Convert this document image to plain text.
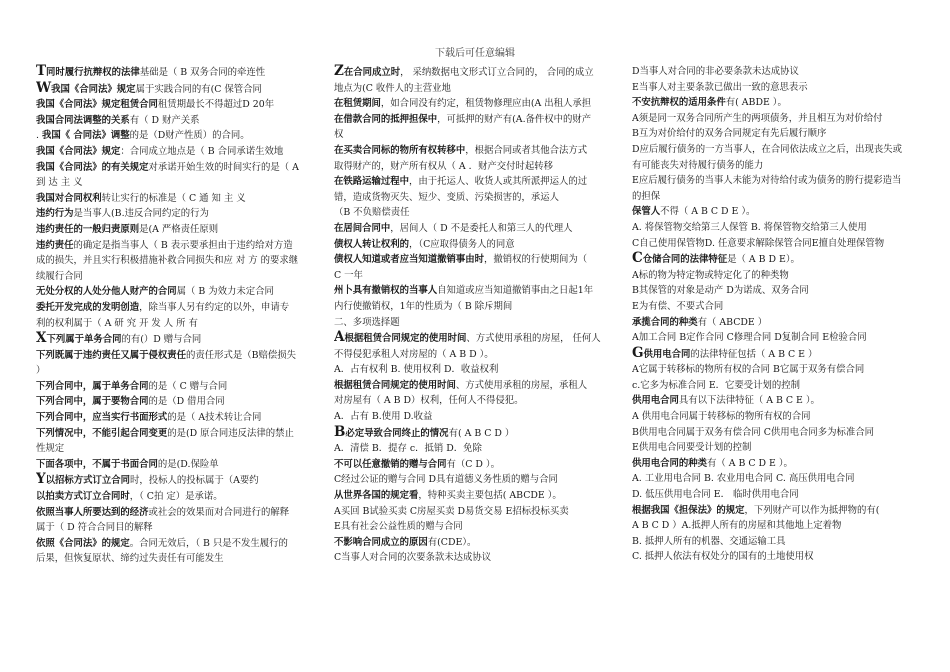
下载后可任意编辑

T同时履行抗辩权的法律基础是（ B 双务合同的牵连性

W我国《合同法》规定属于实践合同的有(C 保管合同

我国《合同法》规定租赁合同租赁期最长不得超过D 20年

我国合同法调整的关系有（ D 财产关系

. 我国《 合同法》调整的是（D财产性质）的合同。

我国《合同法》规定：合同成立地点是（ B 合同承诺生效地

我国《合同法》的有关规定对承诺开始生效的时间实行的是（ A

到 达 主 义

我国对合同权利转让实行的标准是（ C 通 知 主 义

违约行为是当事人(B.违反合同约定的行为

违约责任的一般归责原则是(A 严格责任原则

违约责任的确定是指当事人（ B 表示要承担由于违约给对方造

成的损失，并且实行积极措施补救合同损失和应 对 方 的要求继

续履行合同

无处分权的人处分他人财产的合同属（ B 为效力未定合同

委托开发完成的发明创造，除当事人另有约定的以外，申请专

利的权利属于（ A 研 究 开 发 人 所 有

X下列属于单务合同的有(）D 赠与合同

下列既属于违约责任又属于侵权责任的责任形式是（B赔偿损失

）

下列合同中，属于单务合同的是（ C 赠与合同

下列合同中，属于要物合同的是（D 借用合同

下列合同中，应当实行书面形式的是（ A技术转让合同

下列情况中，不能引起合同变更的是(D 原合同违反法律的禁止

性规定

下面各项中，不属于书面合同的是(D.保险单

Y以招标方式订立合同时，投标人的投标属于（A要约

以拍卖方式订立合同时，（ C拍 定）是承诺。

依照当事人所要达到的经济或社会的效果而对合同进行的解释

属于（ D 符合合同目的解释

依照《合同法》的规定。合同无效后，（ B 只是不发生履行的

后果，但恢复原状、缔约过失责任有可能发生

Z在合同成立时， 采纳数据电文形式订立合同的， 合同的成立

地点为(C 收件人的主营业地

在租赁期间，如合同没有约定，租赁物修理应由(A 出租人承担

在借款合同的抵押担保中，可抵押的财产有(A.备件权中的财产

权

在买卖合同标的物所有权转移中，根据合同或者其他合法方式

取得财产的，财产所有权从（ A ．财产交付时起转移

在铁路运输过程中，由于托运人、收货人或其所派押运人的过

错，造成货物灭失、短少、变质、污染损害的，承运人

（B 不负赔偿责任

在居间合同中，居间人（ D 不是委托人和第三人的代理人

债权人转让权利的，（C应取得债务人的同意

债权人知道或者应当知道撤销事由时，撤销权的行使期间为（

C 一年

州卜具有撤销权的当事人自知道或应当知道撤销事由之日起1年

内行使撤销权，1年的性质为（ B 除斥期间

二、多项选择题

A根据租赁合同规定的使用时间、方式使用承租的房屋， 任何人

不得侵犯承租人对房屋的（ A B D ）。

A．占有权利 B. 使用权利 D．收益权利

根据租赁合同规定的使用时间、方式使用承租的房屋，承租人

对房屋有（ A B D）权利，任何人不得侵犯。

A．占有 B.使用 D.收益

B必定导致合同终止的情况有( A B C D ）

A．清偿 B．提存 c．抵销 D．免除

不可以任意撤销的赠与合同有（C D ）。

C经过公证的赠与合同 D具有道德义务性质的赠与合同

从世界各国的规定看，特种买卖主要包括( ABCDE ）。

A买回 B试验买卖 C房屋买卖 D易货交易 E招标投标买卖

E具有社会公益性质的赠与合同

不影响合同成立的原因有(CDE）。

C当事人对合同的次要条款未达成协议

D当事人对合同的非必要条款未达成协议

E当事人对主要条款已做出一致的意思表示

不安抗辩权的适用条件有( ABDE ）。

A须是同一双务合同所产生的两项债务，并且相互为对价给付

B互为对价给付的双务合同规定有先后履行顺序

D应后履行债务的一方当事人，在合同依法成立之后，出现丧失或

有可能丧失对待履行债务的能力

E应后履行债务的当事人未能为对待给付或为债务的胯行提彩造当

的担保

保管人不得（ A B C D E ）。

A. 将保管物交给第三人保管 B. 将保管物交给第三人使用

C自己使用保管物D. 任意要求解除保管合同E擅自处理保管物

C仓储合同的法律特征是（ A B D E）。

A标的物为特定物或特定化了的种类物

B其保管的对象是动产 D为诺成、双务合同

E为有偿、不要式合同

承揽合同的种类有（ ABCDE ）

A加工合同 B定作合同 C修理合同 D复制合同 E检验合同

G供用电合同的法律特征包括（ A B C E ）

A它属于转移标的物所有权的合同 B它属于双务有偿合同

c.它多为标准合同 E．它要受计划的控制

供用电合同具有以下法律特征（ A B C E ）。

A 供用电合同属于转移标的物所有权的合同

B供用电合同属于双务有偿合同 C供用电合同多为标准合同

E供用电合同要受计划的控制

供用电合同的种类有（ A B C D E ）。

A. 工业用电合同 B. 农业用电合同 C. 高压供用电合同

D. 低压供用电合同 E． 临时供用电合同

根据我国《担保法》的规定，下列财产可以作为抵押物的有(

A B C D ）A.抵押人所有的房屋和其他地上定着物

B. 抵押人所有的机器、交通运输工具

C. 抵押人依法有权处分的国有的土地使用权
